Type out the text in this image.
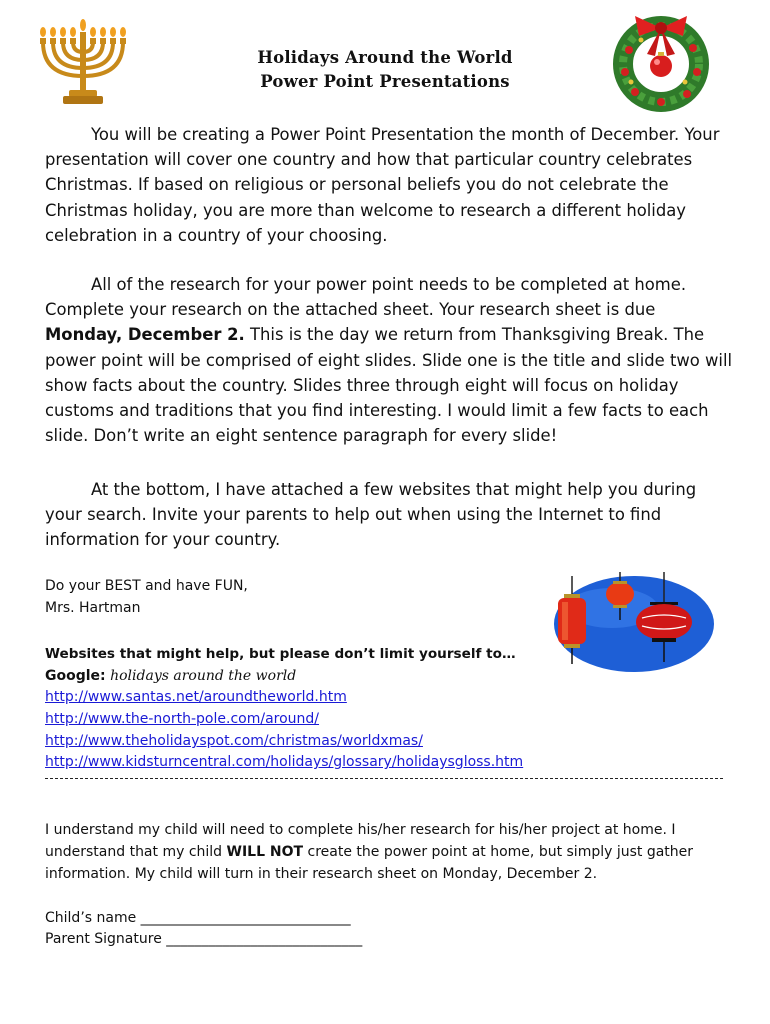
Holidays Around the World
Power Point Presentations

You will be creating a Power Point Presentation the month of December. Your presentation will cover one country and how that particular country celebrates Christmas. If based on religious or personal beliefs you do not celebrate the Christmas holiday, you are more than welcome to research a different holiday celebration in a country of your choosing.

All of the research for your power point needs to be completed at home. Complete your research on the attached sheet. Your research sheet is due Monday, December 2. This is the day we return from Thanksgiving Break. The power point will be comprised of eight slides. Slide one is the title and slide two will show facts about the country. Slides three through eight will focus on holiday customs and traditions that you find interesting. I would limit a few facts to each slide. Don’t write an eight sentence paragraph for every slide!

At the bottom, I have attached a few websites that might help you during your search. Invite your parents to help out when using the Internet to find information for your country.

Do your BEST and have FUN,
Mrs. Hartman
Websites that might help, but please don’t limit yourself to…
Google: holidays around the world
http://www.santas.net/aroundtheworld.htm
http://www.the-north-pole.com/around/
http://www.theholidayspot.com/christmas/worldxmas/
http://www.kidsturncentral.com/holidays/glossary/holidaysgloss.htm
I understand my child will need to complete his/her research for his/her project at home. I understand that my child WILL NOT create the power point at home, but simply just gather information. My child will turn in their research sheet on Monday, December 2.
Child’s name ______________________________
Parent Signature ____________________________
